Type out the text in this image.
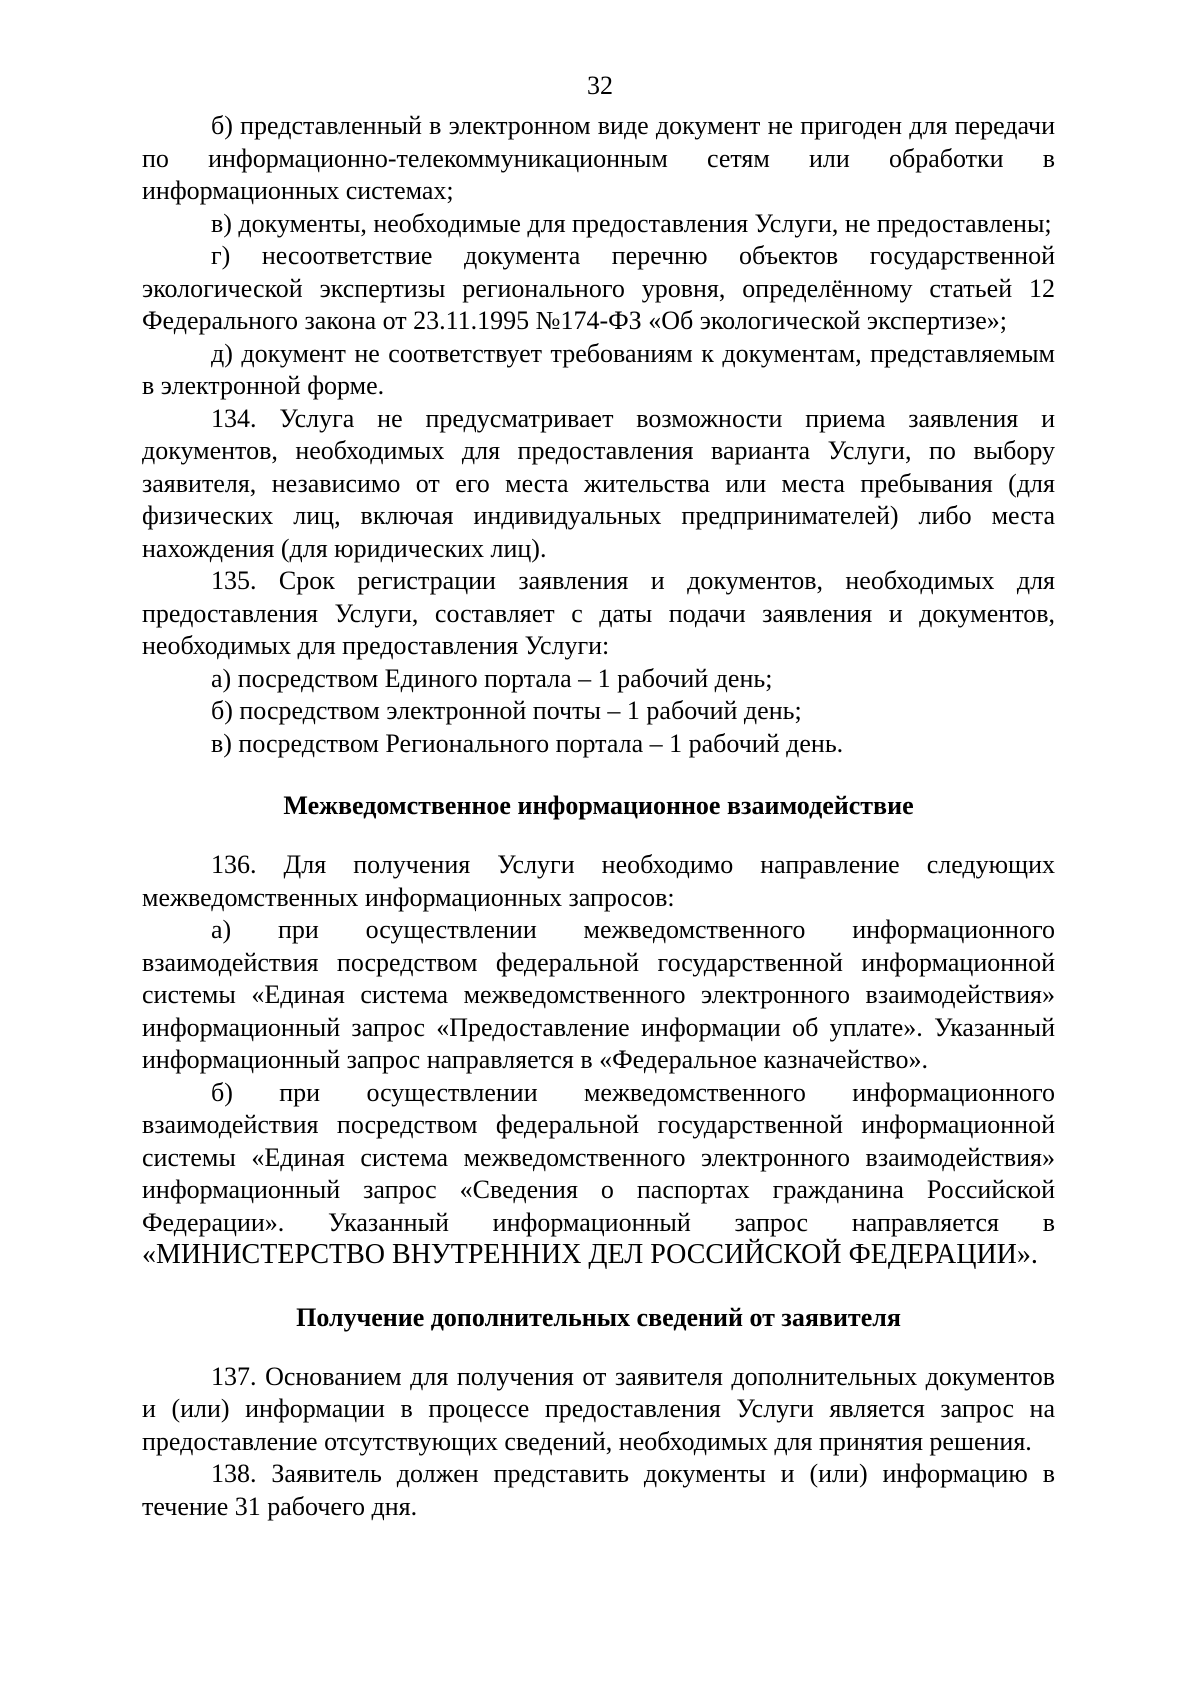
32

б) представленный в электронном виде документ не пригоден для передачи по информационно-телекоммуникационным сетям или обработки в информационных системах;

в) документы, необходимые для предоставления Услуги, не предоставлены;

г) несоответствие документа перечню объектов государственной экологической экспертизы регионального уровня, определённому статьей 12 Федерального закона от 23.11.1995 №174-ФЗ «Об экологической экспертизе»;

д) документ не соответствует требованиям к документам, представляемым в электронной форме.

134. Услуга не предусматривает возможности приема заявления и документов, необходимых для предоставления варианта Услуги, по выбору заявителя, независимо от его места жительства или места пребывания (для физических лиц, включая индивидуальных предпринимателей) либо места нахождения (для юридических лиц).

135. Срок регистрации заявления и документов, необходимых для предоставления Услуги, составляет с даты подачи заявления и документов, необходимых для предоставления Услуги:

а) посредством Единого портала – 1 рабочий день;

б) посредством электронной почты – 1 рабочий день;

в) посредством Регионального портала – 1 рабочий день.

Межведомственное информационное взаимодействие

136. Для получения Услуги необходимо направление следующих межведомственных информационных запросов:

а) при осуществлении межведомственного информационного взаимодействия посредством федеральной государственной информационной системы «Единая система межведомственного электронного взаимодействия» информационный запрос «Предоставление информации об уплате». Указанный информационный запрос направляется в «Федеральное казначейство».

б) при осуществлении межведомственного информационного взаимодействия посредством федеральной государственной информационной системы «Единая система межведомственного электронного взаимодействия» информационный запрос «Сведения о паспортах гражданина Российской Федерации». Указанный информационный запрос направляется в «МИНИСТЕРСТВО ВНУТРЕННИХ ДЕЛ РОССИЙСКОЙ ФЕДЕРАЦИИ».

Получение дополнительных сведений от заявителя

137. Основанием для получения от заявителя дополнительных документов и (или) информации в процессе предоставления Услуги является запрос на предоставление отсутствующих сведений, необходимых для принятия решения.

138. Заявитель должен представить документы и (или) информацию в течение 31 рабочего дня.
